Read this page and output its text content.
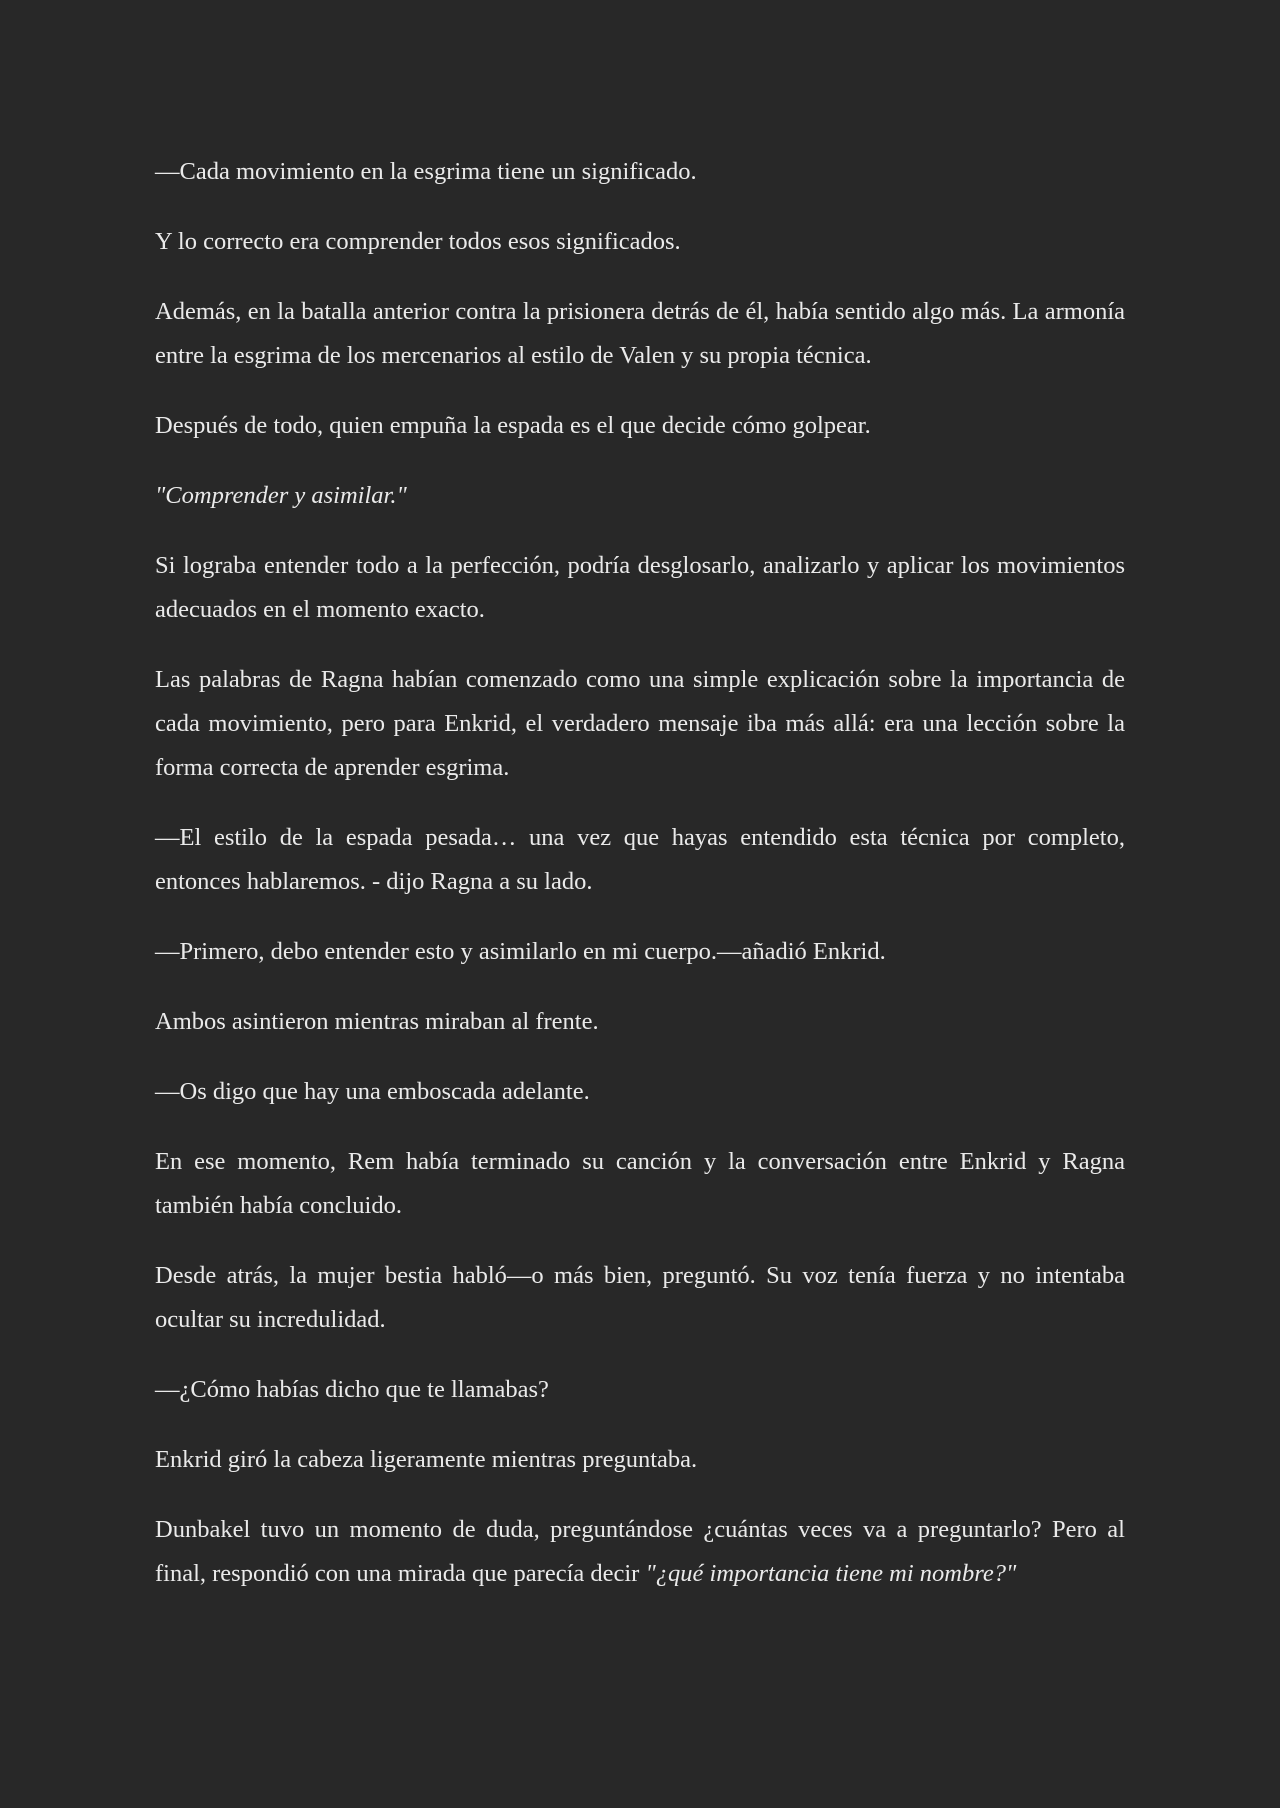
—Cada movimiento en la esgrima tiene un significado.

Y lo correcto era comprender todos esos significados.

Además, en la batalla anterior contra la prisionera detrás de él, había sentido algo más. La armonía entre la esgrima de los mercenarios al estilo de Valen y su propia técnica.

Después de todo, quien empuña la espada es el que decide cómo golpear.

"Comprender y asimilar."

Si lograba entender todo a la perfección, podría desglosarlo, analizarlo y aplicar los movimientos adecuados en el momento exacto.

Las palabras de Ragna habían comenzado como una simple explicación sobre la importancia de cada movimiento, pero para Enkrid, el verdadero mensaje iba más allá: era una lección sobre la forma correcta de aprender esgrima.

—El estilo de la espada pesada… una vez que hayas entendido esta técnica por completo, entonces hablaremos. - dijo Ragna a su lado.

—Primero, debo entender esto y asimilarlo en mi cuerpo.—añadió Enkrid.

Ambos asintieron mientras miraban al frente.

—Os digo que hay una emboscada adelante.

En ese momento, Rem había terminado su canción y la conversación entre Enkrid y Ragna también había concluido.

Desde atrás, la mujer bestia habló—o más bien, preguntó. Su voz tenía fuerza y no intentaba ocultar su incredulidad.

—¿Cómo habías dicho que te llamabas?

Enkrid giró la cabeza ligeramente mientras preguntaba.

Dunbakel tuvo un momento de duda, preguntándose ¿cuántas veces va a preguntarlo? Pero al final, respondió con una mirada que parecía decir "¿qué importancia tiene mi nombre?"
